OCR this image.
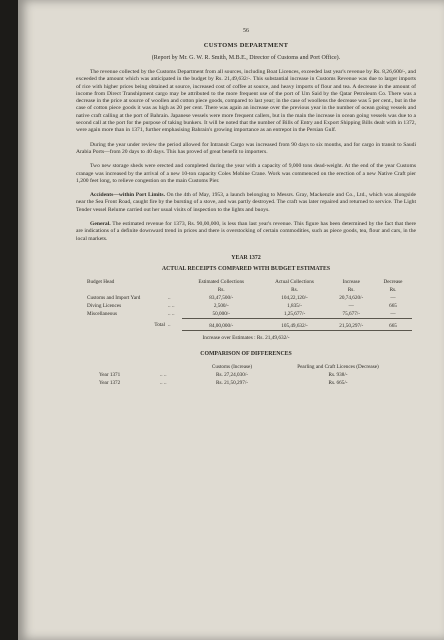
56
CUSTOMS DEPARTMENT
(Report by Mr. G. W. R. Smith, M.B.E., Director of Customs and Port Office).

The revenue collected by the Customs Department from all sources, including Boat Licences, exceeded last year's revenue by Rs. 8,26,600/-, and exceeded the amount which was anticipated in the budget by Rs. 21,49,632/-. This substantial increase in Customs Revenue was due to larger imports of rice with higher prices being obtained at source, increased cost of coffee at source, and heavy imports of flour and tea. A decrease in the amount of income from Direct Transhipment cargo may be attributed to the more frequent use of the port of Um Said by the Qatar Petroleum Co. There was a decrease in the price at source of woollen and cotton piece goods, compared to last year; in the case of woollens the decrease was 5 per cent., but in the case of cotton piece goods it was as high as 20 per cent. There was again an increase over the previous year in the number of ocean going vessels and native craft calling at the port of Bahrain. Japanese vessels were more frequent callers, but in the main the increase in ocean going vessels was due to a second call at the port for the purpose of taking bunkers. It will be noted that the number of Bills of Entry and Export Shipping Bills dealt with in 1372, were again more than in 1371, further emphasising Bahrain's growing importance as an entrepot in the Persian Gulf.

During the year under review the period allowed for Intransit Cargo was increased from 90 days to six months, and for cargo in transit to Saudi Arabia Ports—from 20 days to 40 days. This has proved of great benefit to importers.

Two new storage sheds were erected and completed during the year with a capacity of 9,000 tons dead-weight. At the end of the year Customs cranage was increased by the arrival of a new 10-ton capacity Coles Mobine Crane. Work was commenced on the erection of a new Native Craft pier 1,200 feet long, to relieve congestion on the main Customs Pier.

Accidents—within Port Limits. On the 4th of May, 1953, a launch belonging to Messrs. Gray, Mackenzie and Co., Ltd., which was alongside near the Sea Front Road, caught fire by the bursting of a stove, and was partly destroyed. The craft was later repaired and returned to service. The Light Tender vessel Relume carried out her usual visits of inspection to the lights and buoys.

General. The estimated revenue for 1373, Rs. 90,00,000, is less than last year's revenue. This figure has been determined by the fact that there are indications of a definite downward trend in prices and there is overstocking of certain commodities, such as piece goods, tea, flour and cars, in the local markets.

YEAR 1372
ACTUAL RECEIPTS COMPARED WITH BUDGET ESTIMATES
Budget Head		Estimated Collections	Actual Collections	Increase	Decrease
		Rs.	Rs.	Rs.	Rs.
Customs and Import Yard	..	83,47,500/-	104,22,120/-	20,74,620/-	—
Diving Licences	.. ..	2,500/-	1,835/-	—	665
Miscellaneous	.. ..	50,000/-	1,25,677/-	75,677/-	—
Total	..	84,00,000/-	105,49,632/-	21,50,297/-	665
Increase over Estimates : Rs. 21,49,632/-
COMPARISON OF DIFFERENCES
		Customs (Increase)	Pearling and Craft Licences (Decrease)
Year 1371	.. ..	Rs. 27,24,030/-	Rs. 938/-
Year 1372	.. ..	Rs. 21,50,297/-	Rs. 665/-
